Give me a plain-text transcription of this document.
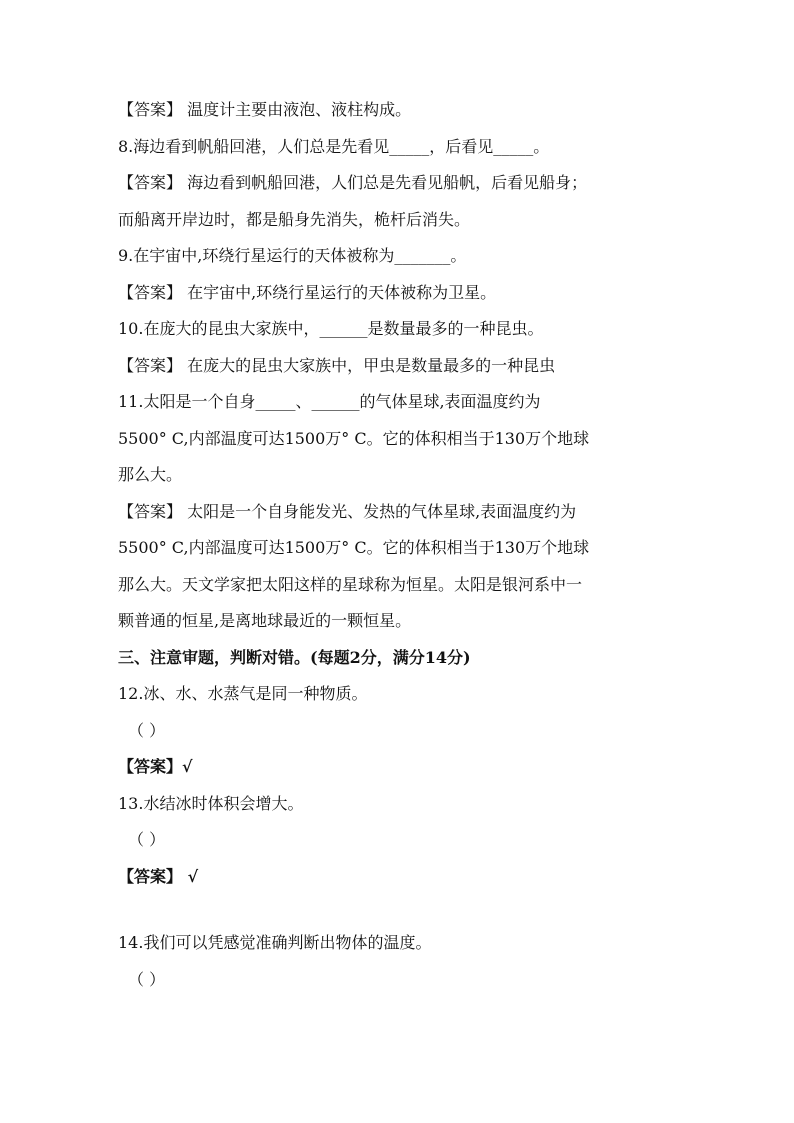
【答案】 温度计主要由液泡、液柱构成。
8.海边看到帆船回港，人们总是先看见_____，后看见_____。
【答案】 海边看到帆船回港，人们总是先看见船帆，后看见船身；
而船离开岸边时，都是船身先消失，桅杆后消失。
9.在宇宙中,环绕行星运行的天体被称为_______。
【答案】 在宇宙中,环绕行星运行的天体被称为卫星。
10.在庞大的昆虫大家族中，______是数量最多的一种昆虫。
【答案】 在庞大的昆虫大家族中，甲虫是数量最多的一种昆虫
11.太阳是一个自身_____、______的气体星球,表面温度约为
5500° C,内部温度可达1500万° C。它的体积相当于130万个地球
那么大。
【答案】 太阳是一个自身能发光、发热的气体星球,表面温度约为
5500° C,内部温度可达1500万° C。它的体积相当于130万个地球
那么大。天文学家把太阳这样的星球称为恒星。太阳是银河系中一
颗普通的恒星,是离地球最近的一颗恒星。
三、注意审题，判断对错。(每题2分，满分14分)
12.冰、水、水蒸气是同一种物质。
（ ）
【答案】√
13.水结冰时体积会增大。
（ ）
【答案】 √
14.我们可以凭感觉准确判断出物体的温度。
（ ）
